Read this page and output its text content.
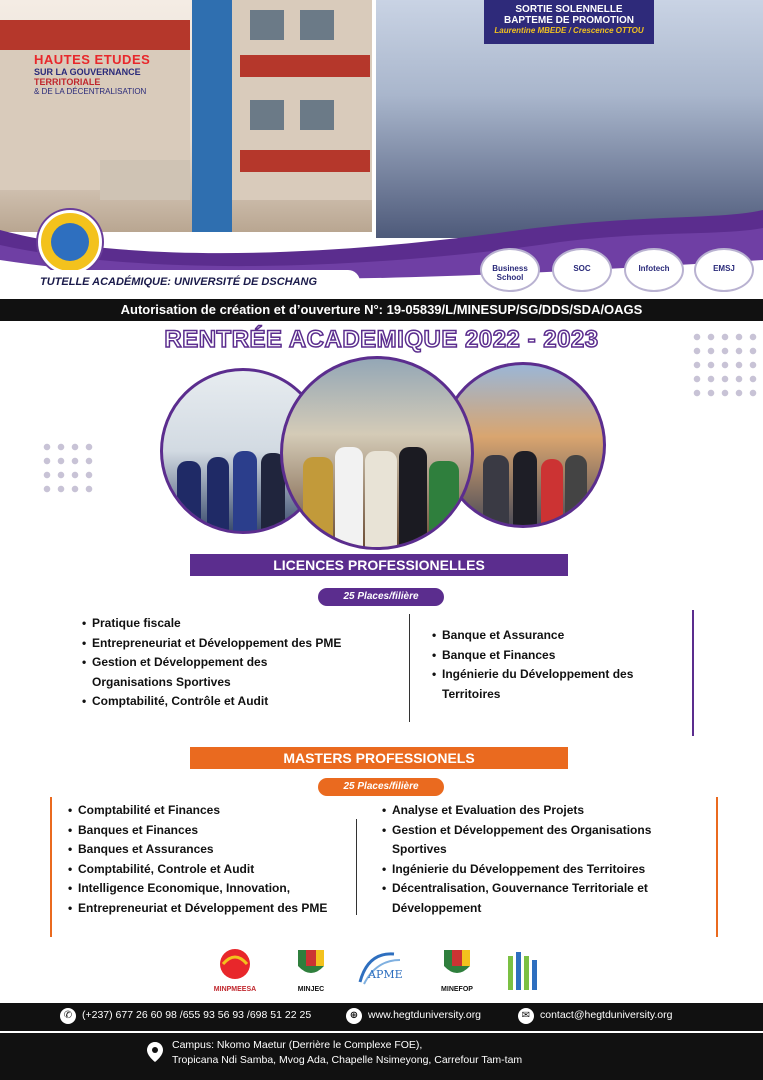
SORTIE SOLENNELLE
BAPTEME DE PROMOTION
Laurentine MBEDE / Crescence OTTOU
HAUTES ETUDES
SUR LA GOUVERNANCE
TERRITORIALE
& DE LA DÉCENTRALISATION
TUTELLE ACADÉMIQUE: UNIVERSITÉ DE DSCHANG
Business School
SOC	Infotech	EMSJ
Autorisation de création et d’ouverture N°: 19-05839/L/MINESUP/SG/DDS/SDA/OAGS
RENTRÉE ACADEMIQUE 2022 - 2023
LICENCES PROFESSIONELLES
25 Places/filière
• Pratique fiscale
• Entrepreneuriat et Développement des PME
• Gestion et Développement des Organisations Sportives
• Comptabilité, Contrôle et Audit
• Banque et Assurance
• Banque et Finances
• Ingénierie du Développement des Territoires
MASTERS PROFESSIONELS
25 Places/filière
• Comptabilité et Finances
• Banques et Finances
• Banques et Assurances
• Comptabilité, Controle et Audit
• Intelligence Economique, Innovation,
• Entrepreneuriat et Développement des PME
• Analyse et Evaluation des Projets
• Gestion et Développement des Organisations Sportives
• Ingénierie du Développement des Territoires
• Décentralisation, Gouvernance Territoriale et Développement
MINPMEESA	MINJEC
APME
MINEFOP
✆ (+237) 677 26 60 98 /655 93 56 93 /698 51 22 25	⊕ www.hegtduniversity.org	✉ contact@hegtduniversity.org
Campus: Nkomo Maetur (Derrière le Complexe FOE),
Tropicana Ndi Samba, Mvog Ada, Chapelle Nsimeyong, Carrefour Tam-tam
